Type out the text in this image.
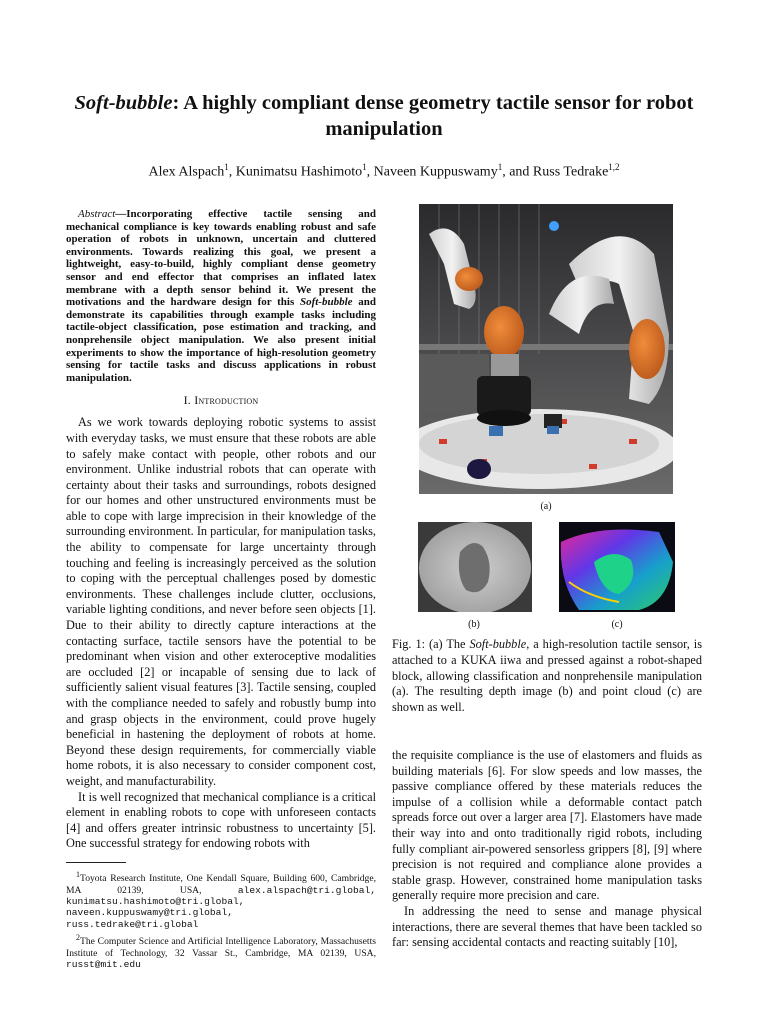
Soft-bubble: A highly compliant dense geometry tactile sensor for robot manipulation
Alex Alspach$^1$, Kunimatsu Hashimoto$^1$, Naveen Kuppuswamy$^1$, and Russ Tedrake$^{1,2}$

Abstract—Incorporating effective tactile sensing and mechanical compliance is key towards enabling robust and safe operation of robots in unknown, uncertain and cluttered environments. Towards realizing this goal, we present a lightweight, easy-to-build, highly compliant dense geometry sensor and end effector that comprises an inflated latex membrane with a depth sensor behind it. We present the motivations and the hardware design for this Soft-bubble and demonstrate its capabilities through example tasks including tactile-object classification, pose estimation and tracking, and nonprehensile object manipulation. We also present initial experiments to show the importance of high-resolution geometry sensing for tactile tasks and discuss applications in robust manipulation.

I. Introduction

As we work towards deploying robotic systems to assist with everyday tasks, we must ensure that these robots are able to safely make contact with people, other robots and our environment. Unlike industrial robots that can operate with certainty about their tasks and surroundings, robots designed for our homes and other unstructured environments must be able to cope with large imprecision in their knowledge of the surrounding environment. In particular, for manipulation tasks, the ability to compensate for large uncertainty through touching and feeling is increasingly perceived as the solution to coping with the perceptual challenges posed by domestic environments. These challenges include clutter, occlusions, variable lighting conditions, and never before seen objects [1]. Due to their ability to directly capture interactions at the contacting surface, tactile sensors have the potential to be predominant when vision and other exteroceptive modalities are occluded [2] or incapable of sensing due to lack of sufficiently salient visual features [3]. Tactile sensing, coupled with the compliance needed to safely and robustly bump into and grasp objects in the environment, could prove hugely beneficial in hastening the deployment of robots at home. Beyond these design requirements, for commercially viable home robots, it is also necessary to consider component cost, weight, and manufacturability.

It is well recognized that mechanical compliance is a critical element in enabling robots to cope with unforeseen contacts [4] and offers greater intrinsic robustness to uncertainty [5]. One successful strategy for endowing robots with

$^1$Toyota Research Institute, One Kendall Square, Building 600, Cambridge, MA 02139, USA, alex.alspach@tri.global, kunimatsu.hashimoto@tri.global,
naveen.kuppuswamy@tri.global,
russ.tedrake@tri.global

$^2$The Computer Science and Artificial Intelligence Laboratory, Massachusetts Institute of Technology, 32 Vassar St., Cambridge, MA 02139, USA, russt@mit.edu

(a)
(b)	(c)

Fig. 1: (a) The Soft-bubble, a high-resolution tactile sensor, is attached to a KUKA iiwa and pressed against a robot-shaped block, allowing classification and nonprehensile manipulation (a). The resulting depth image (b) and point cloud (c) are shown as well.

the requisite compliance is the use of elastomers and fluids as building materials [6]. For slow speeds and low masses, the passive compliance offered by these materials reduces the impulse of a collision while a deformable contact patch spreads force out over a larger area [7]. Elastomers have made their way into and onto traditionally rigid robots, including fully compliant air-powered sensorless grippers [8], [9] where precision is not required and compliance alone provides a stable grasp. However, constrained home manipulation tasks generally require more precision and care.

In addressing the need to sense and manage physical interactions, there are several themes that have been tackled so far: sensing accidental contacts and reacting suitably [10],
